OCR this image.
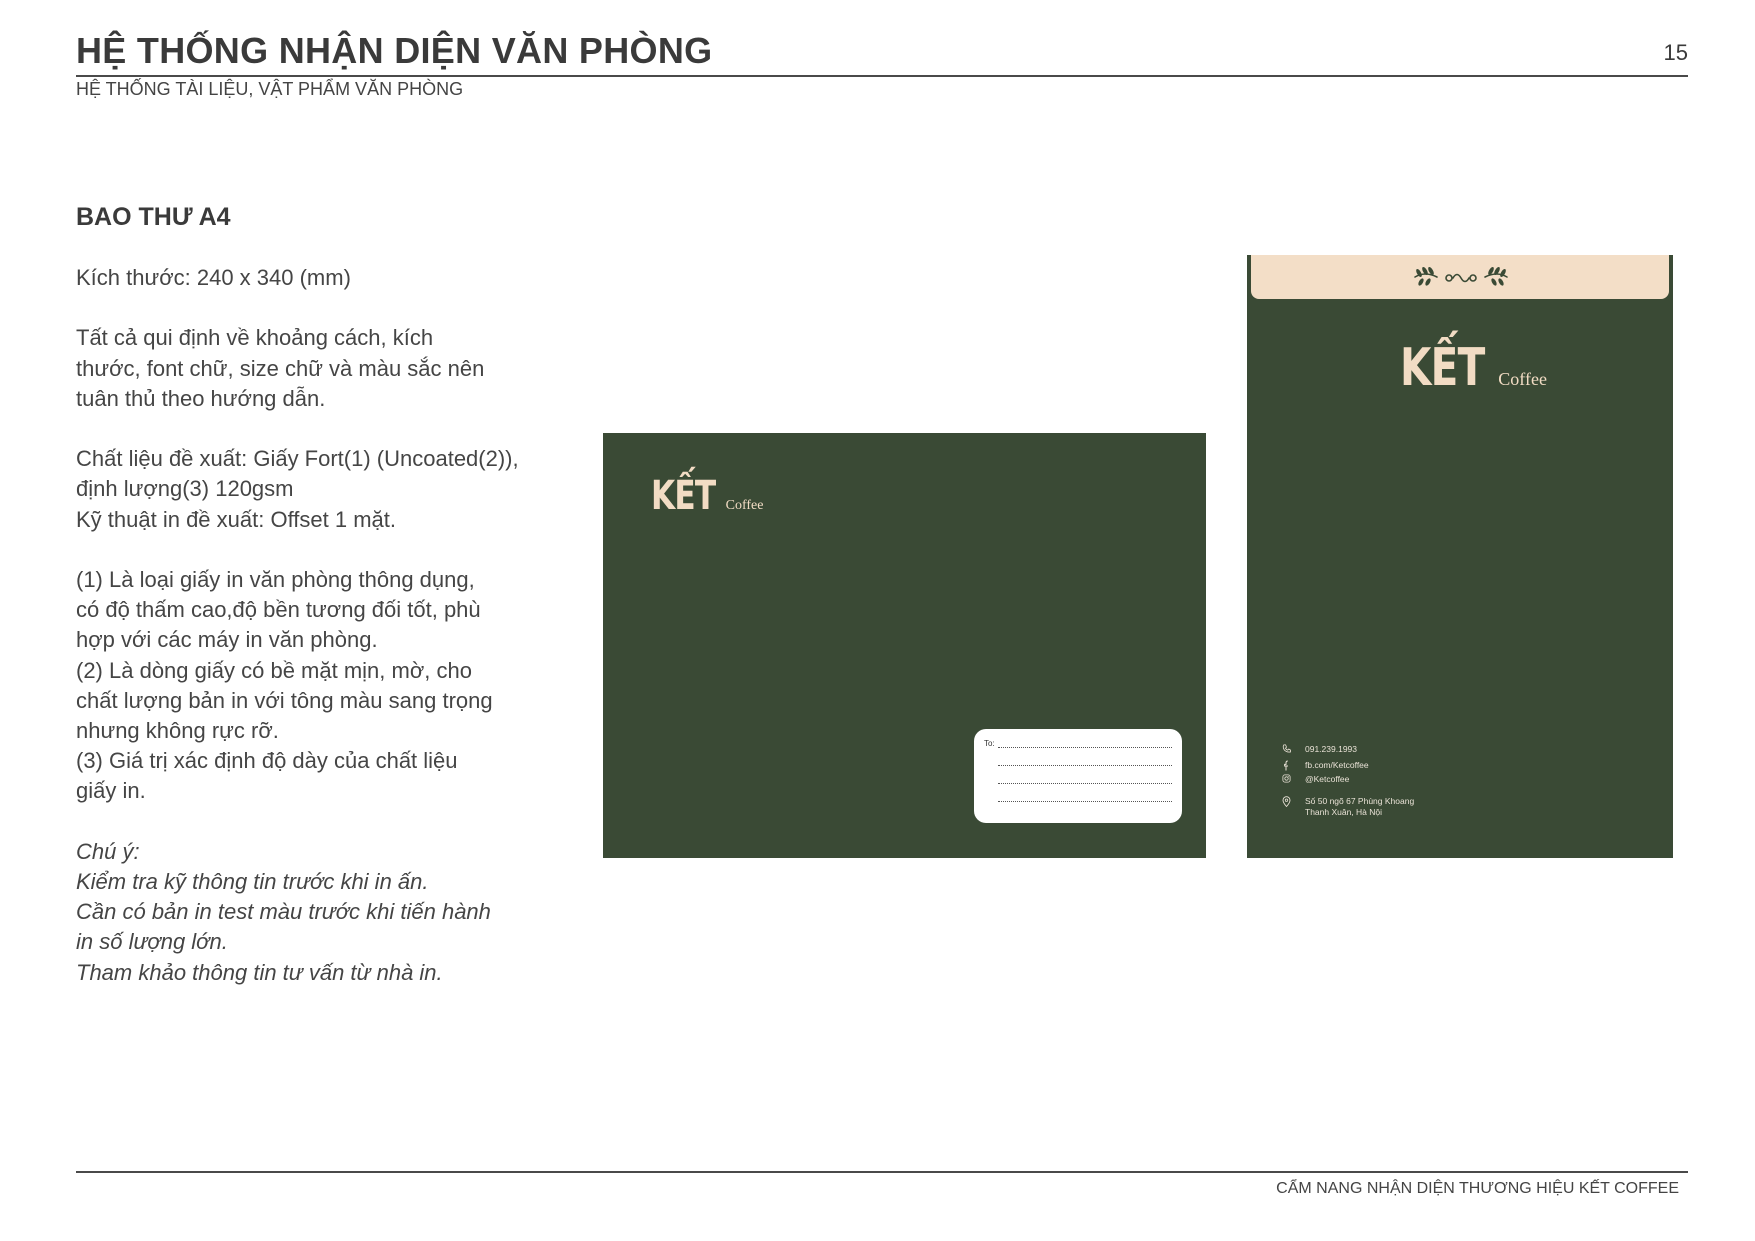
HỆ THỐNG NHẬN DIỆN VĂN PHÒNG	15
HỆ THỐNG TÀI LIỆU, VẬT PHẨM VĂN PHÒNG
BAO THƯ A4

Kích thước: 240 x 340 (mm)

Tất cả qui định về khoảng cách, kích

thước, font chữ, size chữ và màu sắc nên

tuân thủ theo hướng dẫn.

Chất liệu đề xuất: Giấy Fort(1) (Uncoated(2)),

định lượng(3) 120gsm

Kỹ thuật in đề xuất: Offset 1 mặt.

(1) Là loại giấy in văn phòng thông dụng,

có độ thấm cao,độ bền tương đối tốt, phù

hợp với các máy in văn phòng.

(2) Là dòng giấy có bề mặt mịn, mờ, cho

chất lượng bản in với tông màu sang trọng

nhưng không rực rỡ.

(3) Giá trị xác định độ dày của chất liệu

giấy in.

Chú ý:

Kiểm tra kỹ thông tin trước khi in ấn.

Cần có bản in test màu trước khi tiến hành

in số lượng lớn.

Tham khảo thông tin tư vấn từ nhà in.

KẾT Coffee
To:
KẾT Coffee
091.239.1993
fb.com/Ketcoffee
@Ketcoffee
Số 50 ngõ 67 Phùng Khoang
Thanh Xuân, Hà Nội
CẨM NANG NHẬN DIỆN THƯƠNG HIỆU KẾT COFFEE
